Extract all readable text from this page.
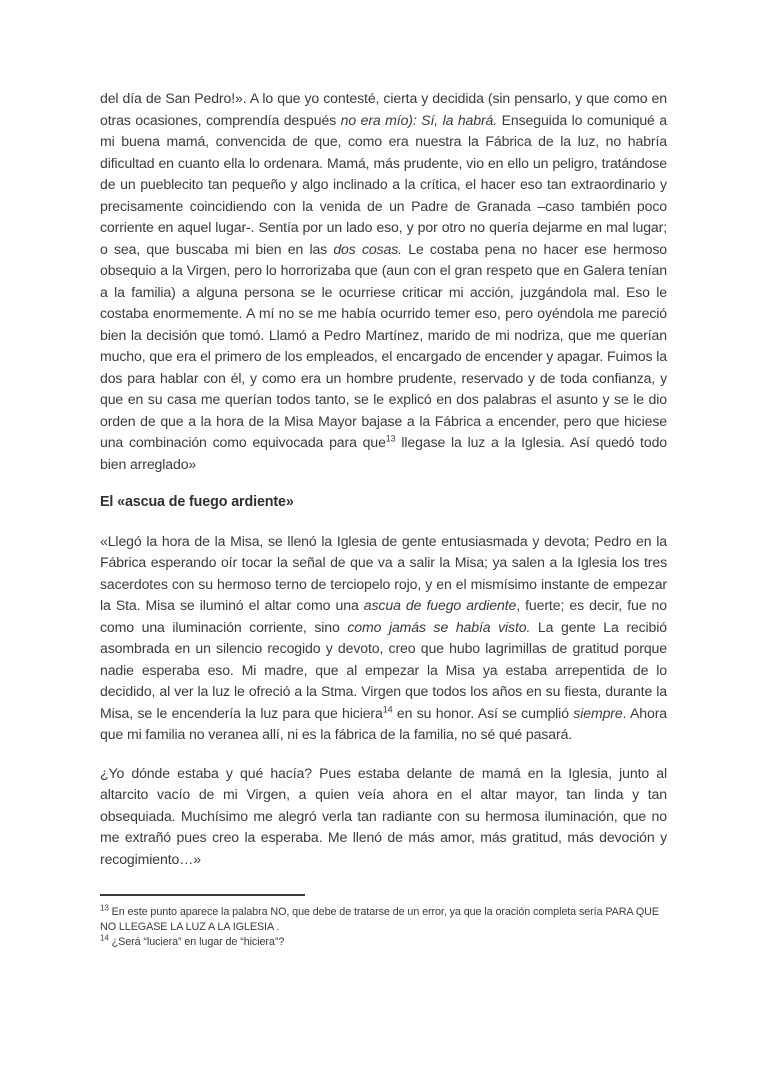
del día de San Pedro!». A lo que yo contesté, cierta y decidida (sin pensarlo, y que como en otras ocasiones, comprendía después no era mío): Sí, la habrá. Enseguida lo comuniqué a mi buena mamá, convencida de que, como era nuestra la Fábrica de la luz, no habría dificultad en cuanto ella lo ordenara. Mamá, más prudente, vio en ello un peligro, tratándose de un pueblecito tan pequeño y algo inclinado a la crítica, el hacer eso tan extraordinario y precisamente coincidiendo con la venida de un Padre de Granada –caso también poco corriente en aquel lugar-. Sentía por un lado eso, y por otro no quería dejarme en mal lugar; o sea, que buscaba mi bien en las dos cosas. Le costaba pena no hacer ese hermoso obsequio a la Virgen, pero lo horrorizaba que (aun con el gran respeto que en Galera tenían a la familia) a alguna persona se le ocurriese criticar mi acción, juzgándola mal. Eso le costaba enormemente. A mí no se me había ocurrido temer eso, pero oyéndola me pareció bien la decisión que tomó. Llamó a Pedro Martínez, marido de mi nodriza, que me querían mucho, que era el primero de los empleados, el encargado de encender y apagar. Fuimos la dos para hablar con él, y como era un hombre prudente, reservado y de toda confianza, y que en su casa me querían todos tanto, se le explicó en dos palabras el asunto y se le dio orden de que a la hora de la Misa Mayor bajase a la Fábrica a encender, pero que hiciese una combinación como equivocada para que$^{13}$ llegase la luz a la Iglesia. Así quedó todo bien arreglado»

El «ascua de fuego ardiente»

«Llegó la hora de la Misa, se llenó la Iglesia de gente entusiasmada y devota; Pedro en la Fábrica esperando oír tocar la señal de que va a salir la Misa; ya salen a la Iglesia los tres sacerdotes con su hermoso terno de terciopelo rojo, y en el mismísimo instante de empezar la Sta. Misa se iluminó el altar como una ascua de fuego ardiente, fuerte; es decir, fue no como una iluminación corriente, sino como jamás se había visto. La gente La recibió asombrada en un silencio recogido y devoto, creo que hubo lagrimillas de gratitud porque nadie esperaba eso. Mi madre, que al empezar la Misa ya estaba arrepentida de lo decidido, al ver la luz le ofreció a la Stma. Virgen que todos los años en su fiesta, durante la Misa, se le encendería la luz para que hiciera$^{14}$ en su honor. Así se cumplió siempre. Ahora que mi familia no veranea allí, ni es la fábrica de la familia, no sé qué pasará.

¿Yo dónde estaba y qué hacía? Pues estaba delante de mamá en la Iglesia, junto al altarcito vacío de mi Virgen, a quien veía ahora en el altar mayor, tan linda y tan obsequiada. Muchísimo me alegró verla tan radiante con su hermosa iluminación, que no me extrañó pues creo la esperaba. Me llenó de más amor, más gratitud, más devoción y recogimiento…»

$^{13}$ En este punto aparece la palabra NO, que debe de tratarse de un error, ya que la oración completa sería PARA QUE NO LLEGASE LA LUZ A LA IGLESIA .
$^{14}$ ¿Será “luciera” en lugar de “hiciera”?
